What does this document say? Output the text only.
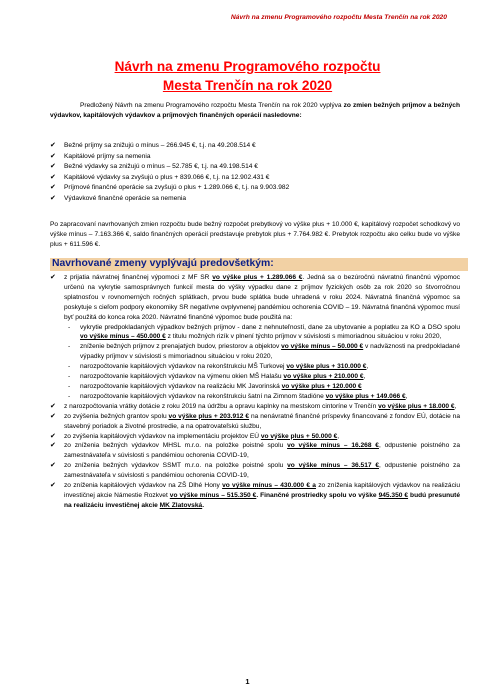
Návrh na zmenu Programového rozpočtu Mesta Trenčín na rok 2020
Návrh na zmenu Programového rozpočtu
Mesta Trenčín na rok 2020
Predložený Návrh na zmenu Programového rozpočtu Mesta Trenčín na rok 2020 vyplýva zo zmien bežných príjmov a bežných výdavkov, kapitálových výdavkov a príjmových finančných operácií nasledovne:
✔ Bežné príjmy sa znižujú o mínus – 266.945 €, t.j. na 49.208.514 €
✔ Kapitálové príjmy sa nemenia
✔ Bežné výdavky sa znižujú o mínus – 52.785 €, t.j. na 49.198.514 €
✔ Kapitálové výdavky sa zvyšujú o plus + 839.066 €, t.j. na 12.902.431 €
✔ Príjmové finančné operácie sa zvyšujú o plus + 1.289.066 €, t.j. na 9.903.982
✔ Výdavkové finančné operácie sa nemenia
Po zapracovaní navrhovaných zmien rozpočtu bude bežný rozpočet prebytkový vo výške plus + 10.000 €, kapitálový rozpočet schodkový vo výške mínus – 7.163.366 €, saldo finančných operácií predstavuje prebytok plus + 7.764.982 €. Prebytok rozpočtu ako celku bude vo výške plus + 611.596 €.
Navrhované zmeny vyplývajú predovšetkým:
✔ z prijatia návratnej finančnej výpomoci z MF SR vo výške plus + 1.289.066 €. Jedná sa o bezúročnú návratnú finančnú výpomoc určenú na vykrytie samosprávnych funkcií mesta do výšky výpadku dane z príjmov fyzických osôb za rok 2020 so štvorročnou splatnosťou v rovnomerných ročných splátkach, prvou bude splátka bude uhradená v roku 2024. Návratná finančná výpomoc sa poskytuje s cieľom podpory ekonomiky SR negatívne ovplyvnenej pandémiou ochorenia COVID – 19. Návratná finančná výpomoc musí byť použitá do konca roka 2020. Návratné finančné výpomoc bude použitá na:
- vykrytie predpokladaných výpadkov bežných príjmov - dane z nehnuteľností, dane za ubytovanie a poplatku za KO a DSO spolu vo výške mínus – 450.000 € z titulu možných rizík v plnení týchto príjmov v súvislosti s mimoriadnou situáciou v roku 2020,
- zníženie bežných príjmov z prenajatých budov, priestorov a objektov vo výške mínus – 50.000 € v nadväznosti na predpokladané výpadky príjmov v súvislosti s mimoriadnou situáciou v roku 2020,
- narozpočtovanie kapitálových výdavkov na rekonštrukciu MŠ Turkovej vo výške plus + 310.000 €,
- narozpočtovanie kapitálových výdavkov na výmenu okien MŠ Halašu vo výške plus + 210.000 €,
- narozpočtovanie kapitálových výdavkov na realizáciu MK Javorinská vo výške plus + 120.000 €
- narozpočtovanie kapitálových výdavkov na rekonštrukciu šatní na Zimnom štadióne vo výške plus + 149.066 €,
✔ z narozpočtovania vrátky dotácie z roku 2019 na údržbu a opravu kaplnky na mestskom cintoríne v Trenčín vo výške plus + 18.000 €,
✔ zo zvýšenia bežných grantov spolu vo výške plus + 203.912 € na nenávratné finančné príspevky financované z fondov EÚ, dotácie na stavebný poriadok a životné prostredie, a na opatrovateľskú službu,
✔ zo zvýšenia kapitálových výdavkov na implementáciu projektov EÚ vo výške plus + 50.000 €,
✔ zo zníženia bežných výdavkov MHSL m.r.o. na položke poistné spolu vo výške mínus – 16.268 €, odpustenie poistného za zamestnávateľa v súvislosti s pandémiou ochorenia COVID-19,
✔ zo zníženia bežných výdavkov SSMT m.r.o. na položke poistné spolu vo výške mínus – 36.517 €, odpustenie poistného za zamestnávateľa v súvislosti s pandémiou ochorenia COVID-19,
✔ zo zníženia kapitálových výdavkov na ZŠ Dlhé Hony vo výške mínus – 430.000 € a zo zníženia kapitálových výdavkov na realizáciu investičnej akcie Námestie Rozkvet vo výške mínus – 515.350 €. Finančné prostriedky spolu vo výške 945.350 € budú presunuté na realizáciu investičnej akcie MK Zlatovská.
1
